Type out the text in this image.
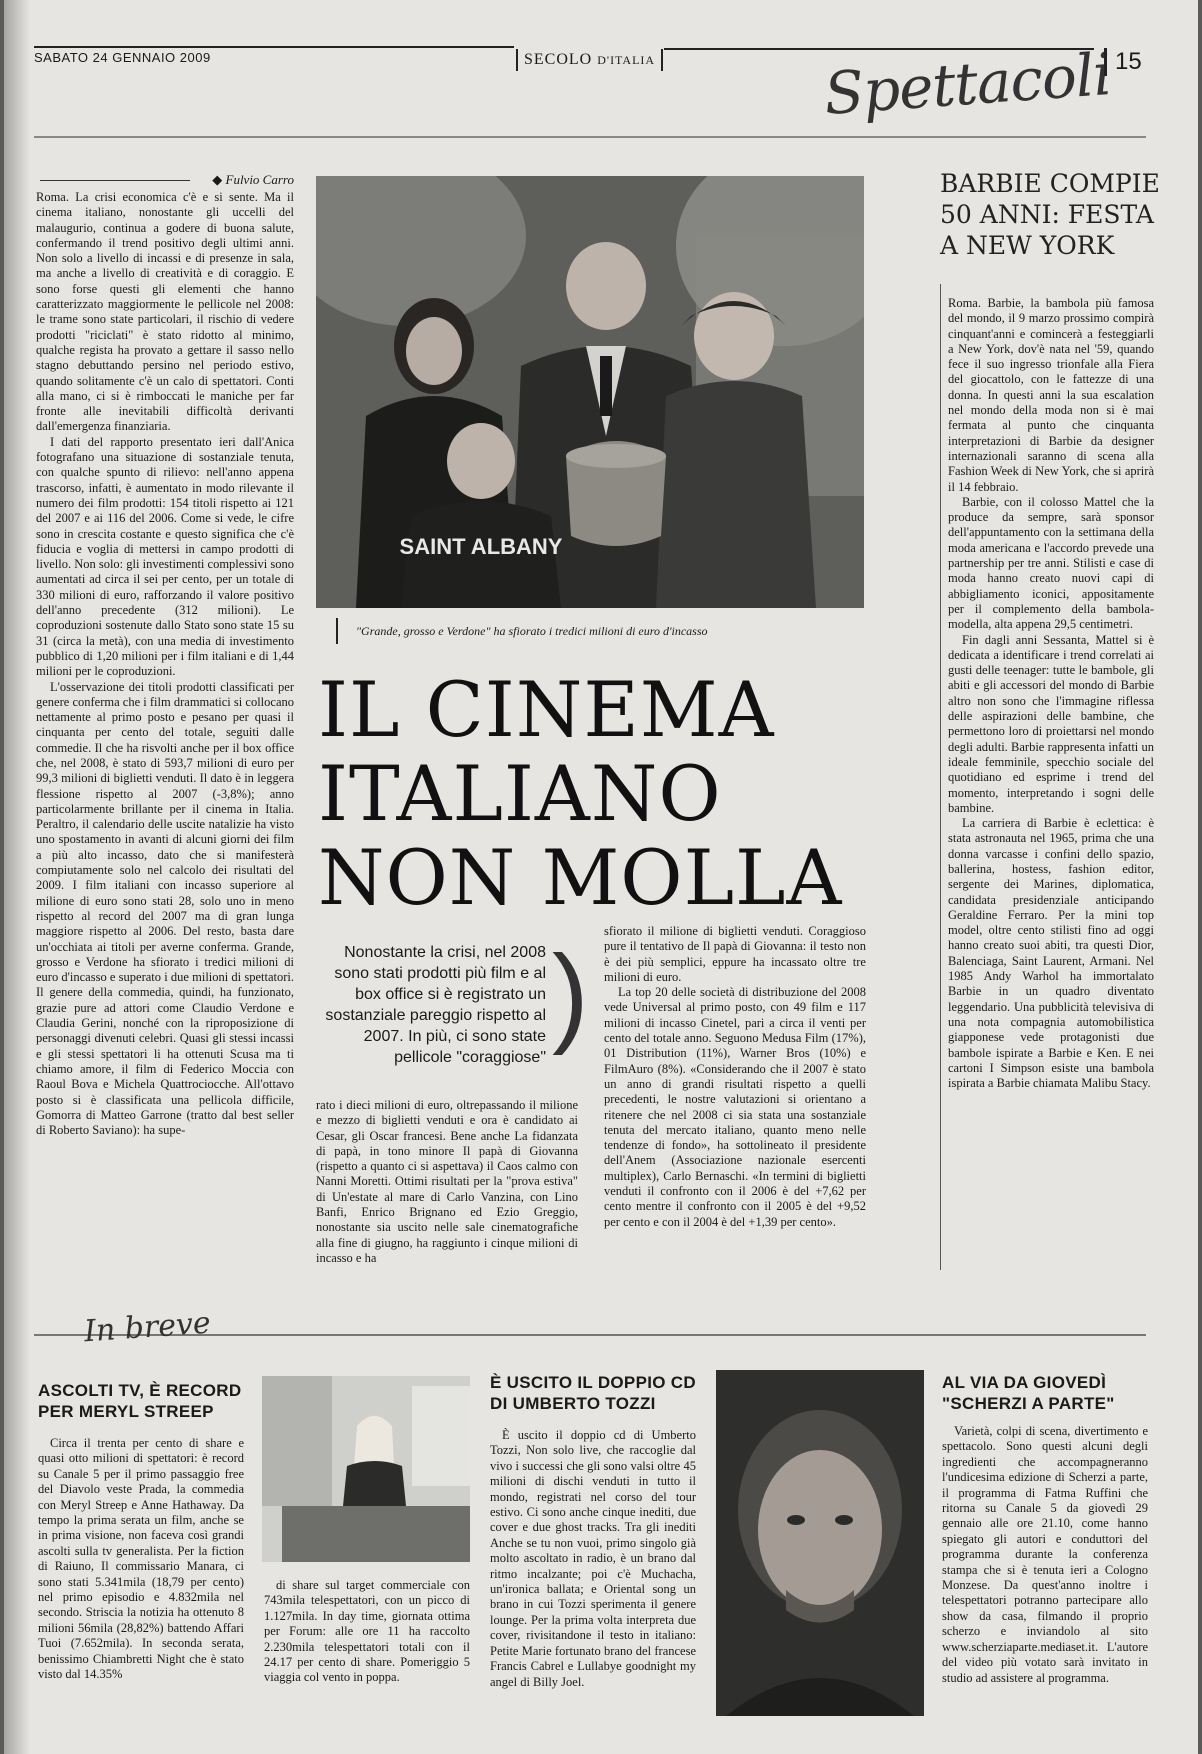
SABATO 24 GENNAIO 2009	SECOLO D'ITALIA	Spettacoli 15
◆ Fulvio Carro

Roma. La crisi economica c'è e si sente. Ma il cinema italiano, nonostante gli uccelli del malaugurio, continua a godere di buona salute, confermando il trend positivo degli ultimi anni. Non solo a livello di incassi e di presenze in sala, ma anche a livello di creatività e di coraggio. E sono forse questi gli elementi che hanno caratterizzato maggiormente le pellicole nel 2008: le trame sono state particolari, il rischio di vedere prodotti "riciclati" è stato ridotto al minimo, qualche regista ha provato a gettare il sasso nello stagno debuttando persino nel periodo estivo, quando solitamente c'è un calo di spettatori. Conti alla mano, ci si è rimboccati le maniche per far fronte alle inevitabili difficoltà derivanti dall'emergenza finanziaria.

I dati del rapporto presentato ieri dall'Anica fotografano una situazione di sostanziale tenuta, con qualche spunto di rilievo: nell'anno appena trascorso, infatti, è aumentato in modo rilevante il numero dei film prodotti: 154 titoli rispetto ai 121 del 2007 e ai 116 del 2006. Come si vede, le cifre sono in crescita costante e questo significa che c'è fiducia e voglia di mettersi in campo prodotti di livello. Non solo: gli investimenti complessivi sono aumentati ad circa il sei per cento, per un totale di 330 milioni di euro, rafforzando il valore positivo dell'anno precedente (312 milioni). Le coproduzioni sostenute dallo Stato sono state 15 su 31 (circa la metà), con una media di investimento pubblico di 1,20 milioni per i film italiani e di 1,44 milioni per le coproduzioni.

L'osservazione dei titoli prodotti classificati per genere conferma che i film drammatici si collocano nettamente al primo posto e pesano per quasi il cinquanta per cento del totale, seguiti dalle commedie. Il che ha risvolti anche per il box office che, nel 2008, è stato di 593,7 milioni di euro per 99,3 milioni di biglietti venduti. Il dato è in leggera flessione rispetto al 2007 (-3,8%); anno particolarmente brillante per il cinema in Italia. Peraltro, il calendario delle uscite natalizie ha visto uno spostamento in avanti di alcuni giorni dei film a più alto incasso, dato che si manifesterà compiutamente solo nel calcolo dei risultati del 2009. I film italiani con incasso superiore al milione di euro sono stati 28, solo uno in meno rispetto al record del 2007 ma di gran lunga maggiore rispetto al 2006. Del resto, basta dare un'occhiata ai titoli per averne conferma. Grande, grosso e Verdone ha sfiorato i tredici milioni di euro d'incasso e superato i due milioni di spettatori. Il genere della commedia, quindi, ha funzionato, grazie pure ad attori come Claudio Verdone e Claudia Gerini, nonché con la riproposizione di personaggi divenuti celebri. Quasi gli stessi incassi e gli stessi spettatori li ha ottenuti Scusa ma ti chiamo amore, il film di Federico Moccia con Raoul Bova e Michela Quattrociocche. All'ottavo posto si è classificata una pellicola difficile, Gomorra di Matteo Garrone (tratto dal best seller di Roberto Saviano): ha supe-

SAINT ALBANY
"Grande, grosso e Verdone" ha sfiorato i tredici milioni di euro d'incasso
IL CINEMA
ITALIANO
NON MOLLA
Nonostante la crisi, nel 2008 sono stati prodotti più film e al box office si è registrato un sostanziale pareggio rispetto al 2007. In più, ci sono state pellicole "coraggiose"
)

rato i dieci milioni di euro, oltrepassando il milione e mezzo di biglietti venduti e ora è candidato ai Cesar, gli Oscar francesi. Bene anche La fidanzata di papà, in tono minore Il papà di Giovanna (rispetto a quanto ci si aspettava) il Caos calmo con Nanni Moretti. Ottimi risultati per la "prova estiva" di Un'estate al mare di Carlo Vanzina, con Lino Banfi, Enrico Brignano ed Ezio Greggio, nonostante sia uscito nelle sale cinematografiche alla fine di giugno, ha raggiunto i cinque milioni di incasso e ha

sfiorato il milione di biglietti venduti. Coraggioso pure il tentativo de Il papà di Giovanna: il testo non è dei più semplici, eppure ha incassato oltre tre milioni di euro.

La top 20 delle società di distribuzione del 2008 vede Universal al primo posto, con 49 film e 117 milioni di incasso Cinetel, pari a circa il venti per cento del totale anno. Seguono Medusa Film (17%), 01 Distribution (11%), Warner Bros (10%) e FilmAuro (8%). «Considerando che il 2007 è stato un anno di grandi risultati rispetto a quelli precedenti, le nostre valutazioni si orientano a ritenere che nel 2008 ci sia stata una sostanziale tenuta del mercato italiano, quanto meno nelle tendenze di fondo», ha sottolineato il presidente dell'Anem (Associazione nazionale esercenti multiplex), Carlo Bernaschi. «In termini di biglietti venduti il confronto con il 2006 è del +7,62 per cento mentre il confronto con il 2005 è del +9,52 per cento e con il 2004 è del +1,39 per cento».

BARBIE COMPIE 50 ANNI: FESTA A NEW YORK

Roma. Barbie, la bambola più famosa del mondo, il 9 marzo prossimo compirà cinquant'anni e comincerà a festeggiarli a New York, dov'è nata nel '59, quando fece il suo ingresso trionfale alla Fiera del giocattolo, con le fattezze di una donna. In questi anni la sua escalation nel mondo della moda non si è mai fermata al punto che cinquanta interpretazioni di Barbie da designer internazionali saranno di scena alla Fashion Week di New York, che si aprirà il 14 febbraio.

Barbie, con il colosso Mattel che la produce da sempre, sarà sponsor dell'appuntamento con la settimana della moda americana e l'accordo prevede una partnership per tre anni. Stilisti e case di moda hanno creato nuovi capi di abbigliamento iconici, appositamente per il complemento della bambola-modella, alta appena 29,5 centimetri.

Fin dagli anni Sessanta, Mattel si è dedicata a identificare i trend correlati ai gusti delle teenager: tutte le bambole, gli abiti e gli accessori del mondo di Barbie altro non sono che l'immagine riflessa delle aspirazioni delle bambine, che permettono loro di proiettarsi nel mondo degli adulti. Barbie rappresenta infatti un ideale femminile, specchio sociale del quotidiano ed esprime i trend del momento, interpretando i sogni delle bambine.

La carriera di Barbie è eclettica: è stata astronauta nel 1965, prima che una donna varcasse i confini dello spazio, ballerina, hostess, fashion editor, sergente dei Marines, diplomatica, candidata presidenziale anticipando Geraldine Ferraro. Per la mini top model, oltre cento stilisti fino ad oggi hanno creato suoi abiti, tra questi Dior, Balenciaga, Saint Laurent, Armani. Nel 1985 Andy Warhol ha immortalato Barbie in un quadro diventato leggendario. Una pubblicità televisiva di una nota compagnia automobilistica giapponese vede protagonisti due bambole ispirate a Barbie e Ken. E nei cartoni I Simpson esiste una bambola ispirata a Barbie chiamata Malibu Stacy.

In breve
ASCOLTI TV, È RECORD PER MERYL STREEP

Circa il trenta per cento di share e quasi otto milioni di spettatori: è record su Canale 5 per il primo passaggio free del Diavolo veste Prada, la commedia con Meryl Streep e Anne Hathaway. Da tempo la prima serata un film, anche se in prima visione, non faceva così grandi ascolti sulla tv generalista. Per la fiction di Raiuno, Il commissario Manara, ci sono stati 5.341mila (18,79 per cento) nel primo episodio e 4.832mila nel secondo. Striscia la notizia ha ottenuto 8 milioni 56mila (28,82%) battendo Affari Tuoi (7.652mila). In seconda serata, benissimo Chiambretti Night che è stato visto dal 14.35%

di share sul target commerciale con 743mila telespettatori, con un picco di 1.127mila. In day time, giornata ottima per Forum: alle ore 11 ha raccolto 2.230mila telespettatori totali con il 24.17 per cento di share. Pomeriggio 5 viaggia col vento in poppa.

È USCITO IL DOPPIO CD DI UMBERTO TOZZI

È uscito il doppio cd di Umberto Tozzi, Non solo live, che raccoglie dal vivo i successi che gli sono valsi oltre 45 milioni di dischi venduti in tutto il mondo, registrati nel corso del tour estivo. Ci sono anche cinque inediti, due cover e due ghost tracks. Tra gli inediti Anche se tu non vuoi, primo singolo già molto ascoltato in radio, è un brano dal ritmo incalzante; poi c'è Muchacha, un'ironica ballata; e Oriental song un brano in cui Tozzi sperimenta il genere lounge. Per la prima volta interpreta due cover, rivisitandone il testo in italiano: Petite Marie fortunato brano del francese Francis Cabrel e Lullabye goodnight my angel di Billy Joel.

AL VIA DA GIOVEDÌ "SCHERZI A PARTE"

Varietà, colpi di scena, divertimento e spettacolo. Sono questi alcuni degli ingredienti che accompagneranno l'undicesima edizione di Scherzi a parte, il programma di Fatma Ruffini che ritorna su Canale 5 da giovedì 29 gennaio alle ore 21.10, come hanno spiegato gli autori e conduttori del programma durante la conferenza stampa che si è tenuta ieri a Cologno Monzese. Da quest'anno inoltre i telespettatori potranno partecipare allo show da casa, filmando il proprio scherzo e inviandolo al sito www.scherziaparte.mediaset.it. L'autore del video più votato sarà invitato in studio ad assistere al programma.
